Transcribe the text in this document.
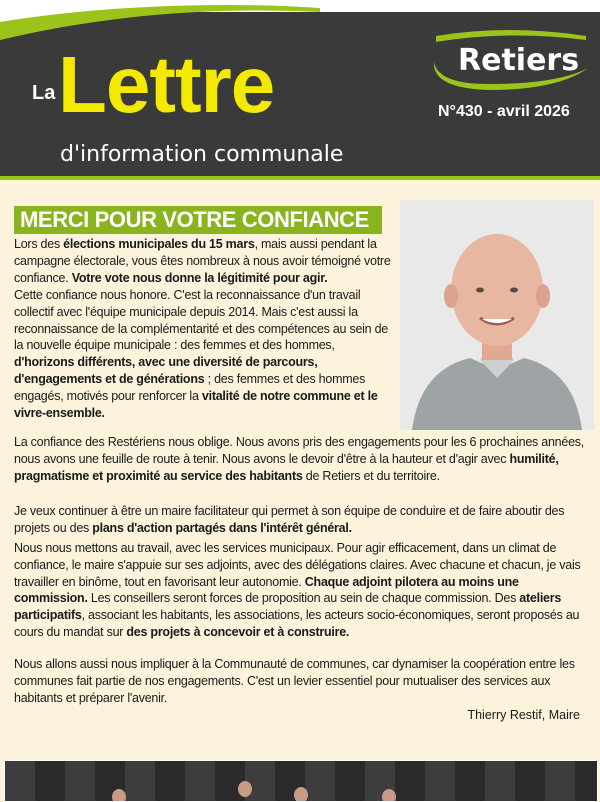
La Lettre
d'information communale
Retiers
N°430 - avril 2026
MERCI POUR VOTRE CONFIANCE

Lors des élections municipales du 15 mars, mais aussi pendant la campagne électorale, vous êtes nombreux à nous avoir témoigné votre confiance. Votre vote nous donne la légitimité pour agir.

Cette confiance nous honore. C'est la reconnaissance d'un travail collectif avec l'équipe municipale depuis 2014. Mais c'est aussi la reconnaissance de la complémentarité et des compétences au sein de la nouvelle équipe municipale : des femmes et des hommes, d'horizons différents, avec une diversité de parcours, d'engagements et de générations ; des femmes et des hommes engagés, motivés pour renforcer la vitalité de notre commune et le vivre-ensemble.

La confiance des Restériens nous oblige. Nous avons pris des engagements pour les 6 prochaines années, nous avons une feuille de route à tenir. Nous avons le devoir d'être à la hauteur et d'agir avec humilité, pragmatisme et proximité au service des habitants de Retiers et du territoire.

Je veux continuer à être un maire facilitateur qui permet à son équipe de conduire et de faire aboutir des projets ou des plans d'action partagés dans l'intérêt général.

Nous nous mettons au travail, avec les services municipaux. Pour agir efficacement, dans un climat de confiance, le maire s'appuie sur ses adjoints, avec des délégations claires. Avec chacune et chacun, je vais travailler en binôme, tout en favorisant leur autonomie. Chaque adjoint pilotera au moins une commission. Les conseillers seront forces de proposition au sein de chaque commission. Des ateliers participatifs, associant les habitants, les associations, les acteurs socio-économiques, seront proposés au cours du mandat sur des projets à concevoir et à construire.

Nous allons aussi nous impliquer à la Communauté de communes, car dynamiser la coopération entre les communes fait partie de nos engagements. C'est un levier essentiel pour mutualiser des services aux habitants et préparer l'avenir.

Thierry Restif, Maire
